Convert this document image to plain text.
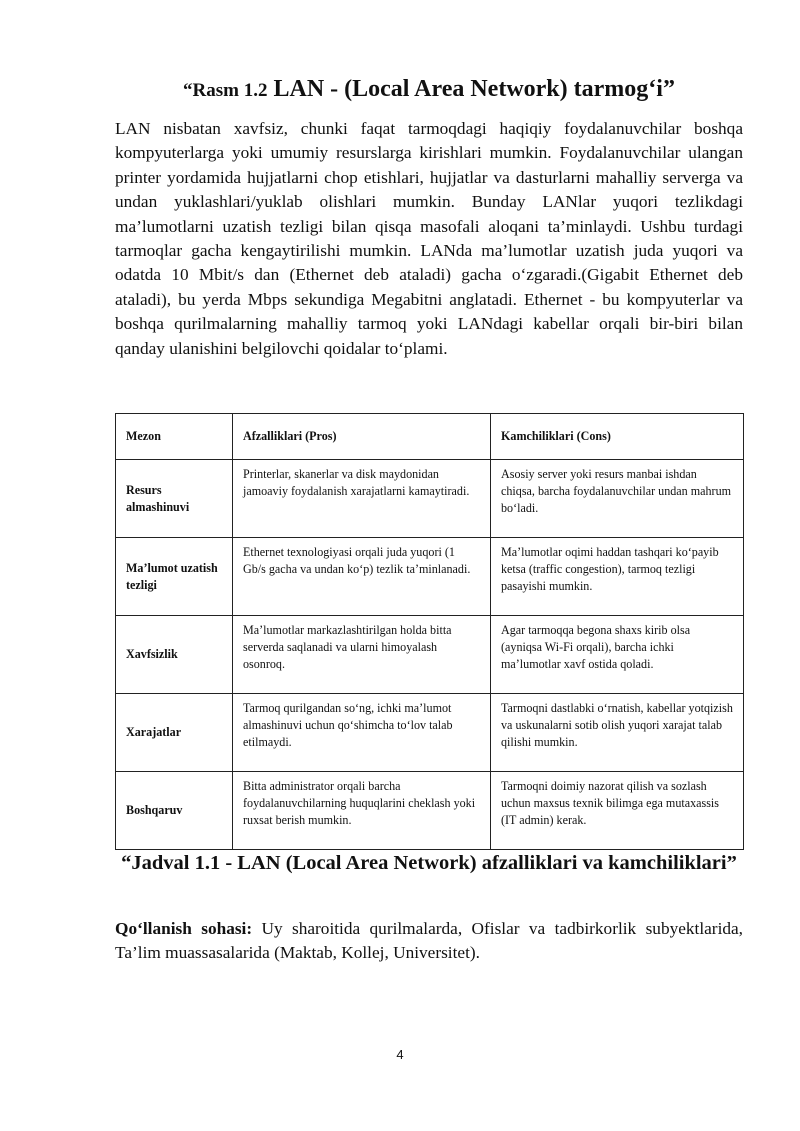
“Rasm 1.2 LAN - (Local Area Network) tarmog‘i”

LAN nisbatan xavfsiz, chunki faqat tarmoqdagi haqiqiy foydalanuvchilar boshqa kompyuterlarga yoki umumiy resurslarga kirishlari mumkin. Foydalanuvchilar ulangan printer yordamida hujjatlarni chop etishlari, hujjatlar va dasturlarni mahalliy serverga va undan yuklashlari/yuklab olishlari mumkin. Bunday LANlar yuqori tezlikdagi ma’lumotlarni uzatish tezligi bilan qisqa masofali aloqani ta’minlaydi. Ushbu turdagi tarmoqlar gacha kengaytirilishi mumkin. LANda ma’lumotlar uzatish juda yuqori va odatda 10 Mbit/s dan (Ethernet deb ataladi) gacha o‘zgaradi.(Gigabit Ethernet deb ataladi), bu yerda Mbps sekundiga Megabitni anglatadi. Ethernet - bu kompyuterlar va boshqa qurilmalarning mahalliy tarmoq yoki LANdagi kabellar orqali bir-biri bilan qanday ulanishini belgilovchi qoidalar to‘plami.

Mezon	Afzalliklari (Pros)	Kamchiliklari (Cons)
Resurs almashinuvi	Printerlar, skanerlar va disk maydonidan jamoaviy foydalanish xarajatlarni kamaytiradi.	Asosiy server yoki resurs manbai ishdan chiqsa, barcha foydalanuvchilar undan mahrum bo‘ladi.
Ma’lumot uzatish tezligi	Ethernet texnologiyasi orqali juda yuqori (1 Gb/s gacha va undan ko‘p) tezlik ta’minlanadi.	Ma’lumotlar oqimi haddan tashqari ko‘payib ketsa (traffic congestion), tarmoq tezligi pasayishi mumkin.
Xavfsizlik	Ma’lumotlar markazlashtirilgan holda bitta serverda saqlanadi va ularni himoyalash osonroq.	Agar tarmoqqa begona shaxs kirib olsa (ayniqsa Wi-Fi orqali), barcha ichki ma’lumotlar xavf ostida qoladi.
Xarajatlar	Tarmoq qurilgandan so‘ng, ichki ma’lumot almashinuvi uchun qo‘shimcha to‘lov talab etilmaydi.	Tarmoqni dastlabki o‘rnatish, kabellar yotqizish va uskunalarni sotib olish yuqori xarajat talab qilishi mumkin.
Boshqaruv	Bitta administrator orqali barcha foydalanuvchilarning huquqlarini cheklash yoki ruxsat berish mumkin.	Tarmoqni doimiy nazorat qilish va sozlash uchun maxsus texnik bilimga ega mutaxassis (IT admin) kerak.
“Jadval 1.1 - LAN (Local Area Network) afzalliklari va kamchiliklari”

Qo‘llanish sohasi: Uy sharoitida qurilmalarda, Ofislar va tadbirkorlik subyektlarida, Ta’lim muassasalarida (Maktab, Kollej, Universitet).

4
